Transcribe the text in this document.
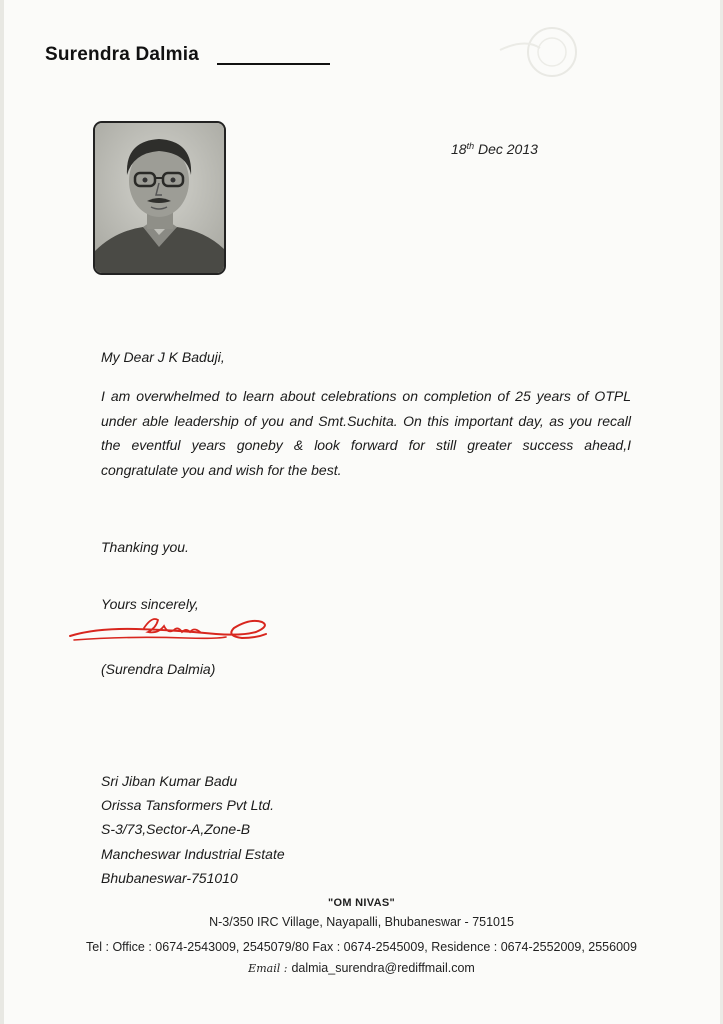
Surendra Dalmia
18th Dec 2013
My Dear J K Baduji,
I am overwhelmed to learn about celebrations on completion of 25 years of OTPL under able leadership of you and Smt.Suchita. On this important day, as you recall the eventful years goneby & look forward for still greater success ahead,I congratulate you and wish for the best.
Thanking you.
Yours sincerely,
(Surendra Dalmia)
Sri Jiban Kumar Badu
Orissa Tansformers Pvt Ltd.
S-3/73,Sector-A,Zone-B
Mancheswar Industrial Estate
Bhubaneswar-751010
"OM NIVAS"
N-3/350 IRC Village, Nayapalli, Bhubaneswar - 751015
Tel : Office : 0674-2543009, 2545079/80 Fax : 0674-2545009, Residence : 0674-2552009, 2556009
Email : dalmia_surendra@rediffmail.com
